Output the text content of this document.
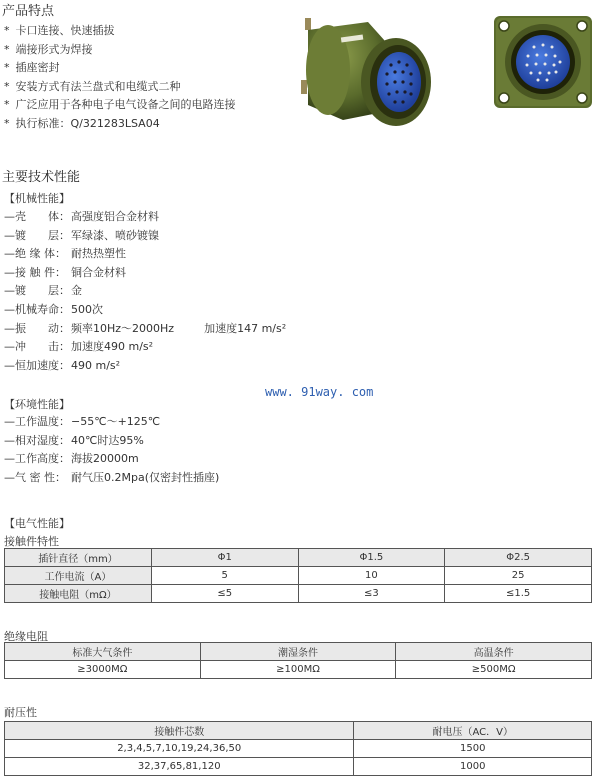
产品特点
* 卡口连接、快速插拔
* 端接形式为焊接
* 插座密封
* 安装方式有法兰盘式和电缆式二种
* 广泛应用于各种电子电气设备之间的电路连接
* 执行标准：Q/321283LSA04
主要技术性能
【机械性能】
—壳　　体：高强度铝合金材料
—镀　　层：军绿漆、喷砂镀镍
—绝 缘 体： 耐热热塑性
—接 触 件： 铜合金材料
—镀　　层：金
—机械寿命：500次
—振　　动：频率10Hz～2000Hz	加速度147 m/s²
—冲　　击：加速度490 m/s²
—恒加速度：490 m/s²
www. 91way. com
【环境性能】
—工作温度：−55℃～+125℃
—相对湿度：40℃时达95%
—工作高度：海拔20000m
—气 密 性： 耐气压0.2Mpa(仅密封性插座)
【电气性能】
接触件特性
插针直径（mm）	Φ1	Φ1.5	Φ2.5
工作电流（A）	5	10	25
接触电阻（mΩ）	≤5	≤3	≤1.5
绝缘电阻
标准大气条件	潮湿条件	高温条件
≥3000MΩ	≥100MΩ	≥500MΩ
耐压性
接触件芯数	耐电压（AC．V）
2,3,4,5,7,10,19,24,36,50	1500
32,37,65,81,120	1000
